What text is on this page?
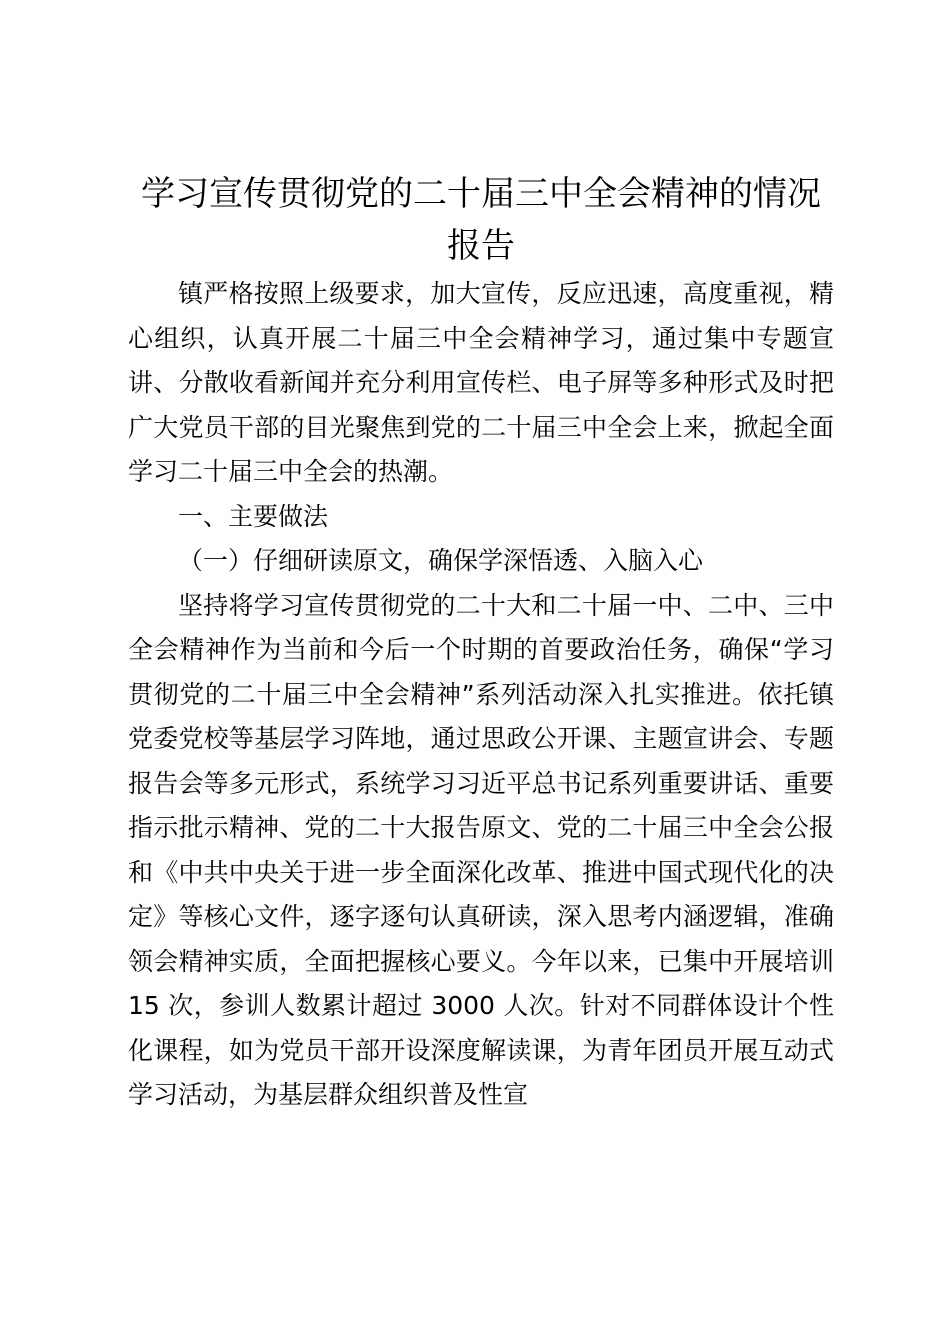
学习宣传贯彻党的二十届三中全会精神的情况报告

镇严格按照上级要求，加大宣传，反应迅速，高度重视，精心组织，认真开展二十届三中全会精神学习，通过集中专题宣讲、分散收看新闻并充分利用宣传栏、电子屏等多种形式及时把广大党员干部的目光聚焦到党的二十届三中全会上来，掀起全面学习二十届三中全会的热潮。

一、主要做法

（一）仔细研读原文，确保学深悟透、入脑入心

坚持将学习宣传贯彻党的二十大和二十届一中、二中、三中全会精神作为当前和今后一个时期的首要政治任务，确保“学习贯彻党的二十届三中全会精神”系列活动深入扎实推进。依托镇党委党校等基层学习阵地，通过思政公开课、主题宣讲会、专题报告会等多元形式，系统学习习近平总书记系列重要讲话、重要指示批示精神、党的二十大报告原文、党的二十届三中全会公报和《中共中央关于进一步全面深化改革、推进中国式现代化的决定》等核心文件，逐字逐句认真研读，深入思考内涵逻辑，准确领会精神实质，全面把握核心要义。今年以来，已集中开展培训 15 次，参训人数累计超过 3000 人次。针对不同群体设计个性化课程，如为党员干部开设深度解读课，为青年团员开展互动式学习活动，为基层群众组织普及性宣
